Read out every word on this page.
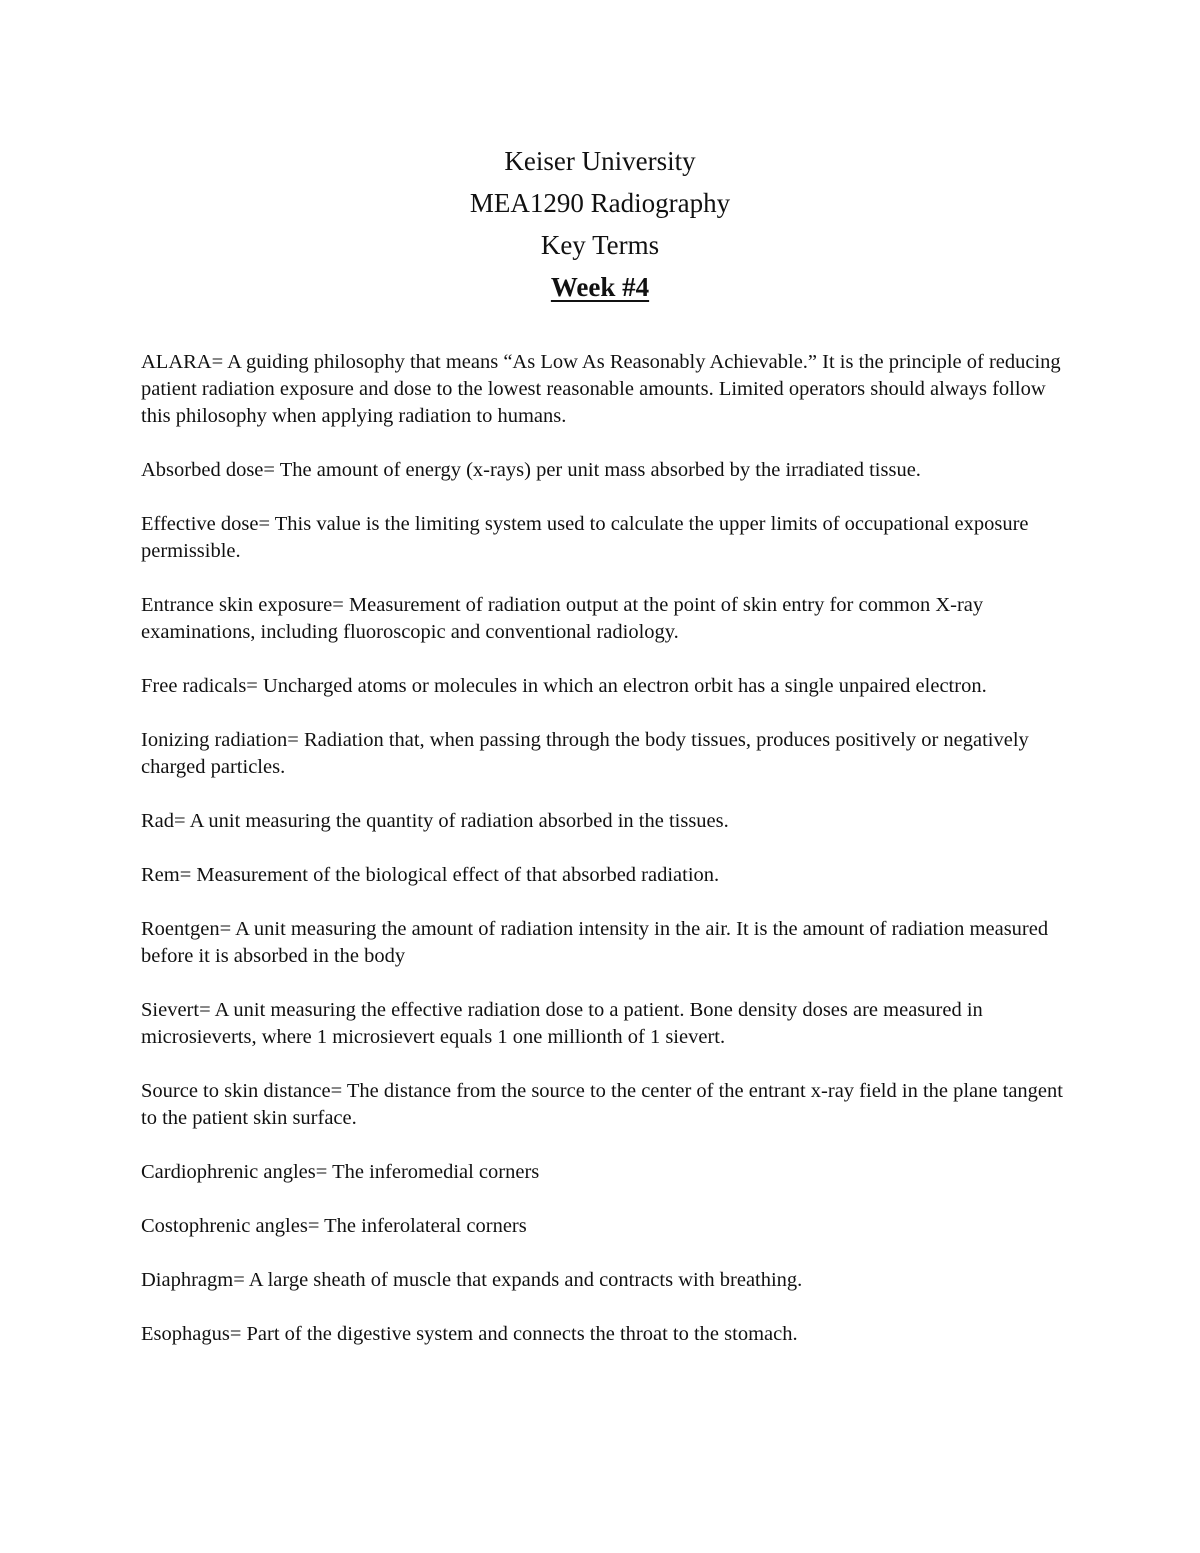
Keiser University

MEA1290 Radiography

Key Terms

Week #4

ALARA= A guiding philosophy that means “As Low As Reasonably Achievable.” It is the principle of reducing patient radiation exposure and dose to the lowest reasonable amounts. Limited operators should always follow this philosophy when applying radiation to humans.
Absorbed dose= The amount of energy (x-rays) per unit mass absorbed by the irradiated tissue.
Effective dose= This value is the limiting system used to calculate the upper limits of occupational exposure permissible.
Entrance skin exposure= Measurement of radiation output at the point of skin entry for common X-ray examinations, including fluoroscopic and conventional radiology.
Free radicals= Uncharged atoms or molecules in which an electron orbit has a single unpaired electron.
Ionizing radiation= Radiation that, when passing through the body tissues, produces positively or negatively charged particles.
Rad= A unit measuring the quantity of radiation absorbed in the tissues.
Rem= Measurement of the biological effect of that absorbed radiation.
Roentgen= A unit measuring the amount of radiation intensity in the air. It is the amount of radiation measured before it is absorbed in the body
Sievert= A unit measuring the effective radiation dose to a patient. Bone density doses are measured in microsieverts, where 1 microsievert equals 1 one millionth of 1 sievert.
Source to skin distance= The distance from the source to the center of the entrant x-ray field in the plane tangent to the patient skin surface.
Cardiophrenic angles= The inferomedial corners
Costophrenic angles= The inferolateral corners
Diaphragm= A large sheath of muscle that expands and contracts with breathing.
Esophagus= Part of the digestive system and connects the throat to the stomach.
